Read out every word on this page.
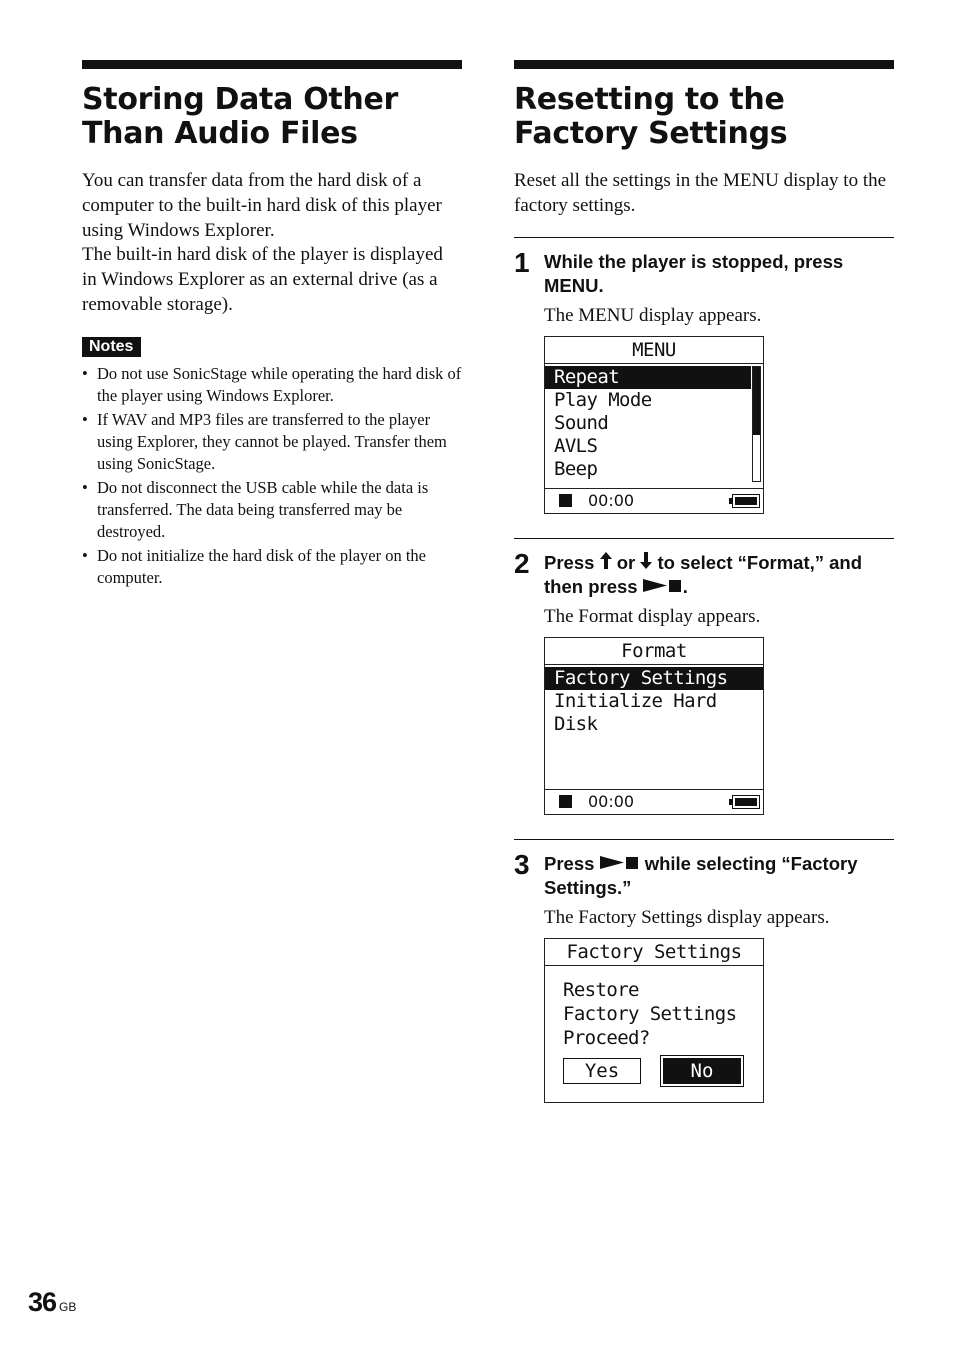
Storing Data Other
Than Audio Files

You can transfer data from the hard disk of a computer to the built-in hard disk of this player using Windows Explorer.

The built-in hard disk of the player is displayed in Windows Explorer as an external drive (as a removable storage).

Notes
• Do not use SonicStage while operating the hard disk of the player using Windows Explorer.
• If WAV and MP3 files are transferred to the player using Explorer, they cannot be played. Transfer them using SonicStage.
• Do not disconnect the USB cable while the data is transferred. The data being transferred may be destroyed.
• Do not initialize the hard disk of the player on the computer.
Resetting to the
Factory Settings
Reset all the settings in the MENU display to the factory settings.
1 While the player is stopped, press MENU.
The MENU display appears.
MENU
Repeat
Play Mode
Sound
AVLS
Beep
00:00
2 Press or to select “Format,” and then press .
The Format display appears.
Format
Factory Settings
Initialize Hard Disk
00:00
3 Press	while selecting “Factory Settings.”
The Factory Settings display appears.
Factory Settings
Restore
Factory Settings
Proceed?
Yes	No
36 GB
